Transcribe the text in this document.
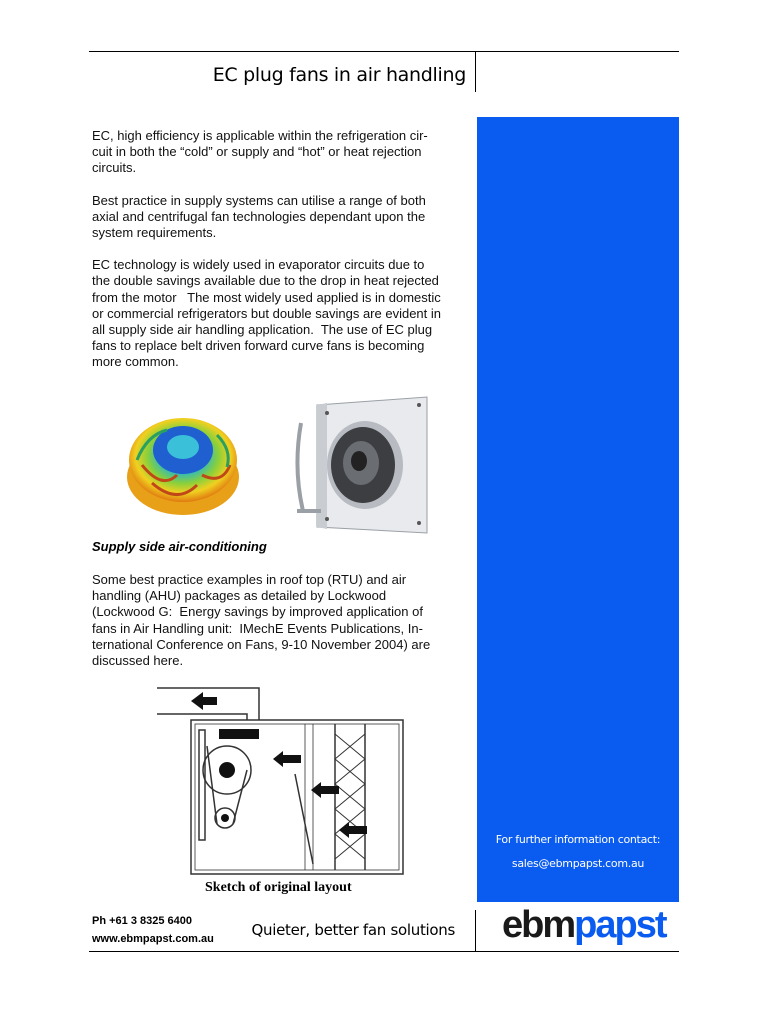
EC plug fans in air handling

EC, high efficiency is applicable within the refrigeration cir-
cuit in both the “cold” or supply and “hot” or heat rejection
circuits.

Best practice in supply systems can utilise a range of both
axial and centrifugal fan technologies dependant upon the
system requirements.

EC technology is widely used in evaporator circuits due to
the double savings available due to the drop in heat rejected
from the motor   The most widely used applied is in domestic
or commercial refrigerators but double savings are evident in
all supply side air handling application.  The use of EC plug
fans to replace belt driven forward curve fans is becoming
more common.

Supply side air-conditioning

Some best practice examples in roof top (RTU) and air
handling (AHU) packages as detailed by Lockwood
(Lockwood G:  Energy savings by improved application of
fans in Air Handling unit:  IMechE Events Publications, In-
ternational Conference on Fans, 9-10 November 2004) are
discussed here.

Sketch of original layout
For further information contact:
sales@ebmpapst.com.au
Ph +61 3 8325 6400
www.ebmpapst.com.au	Quieter, better fan solutions ebmpapst
